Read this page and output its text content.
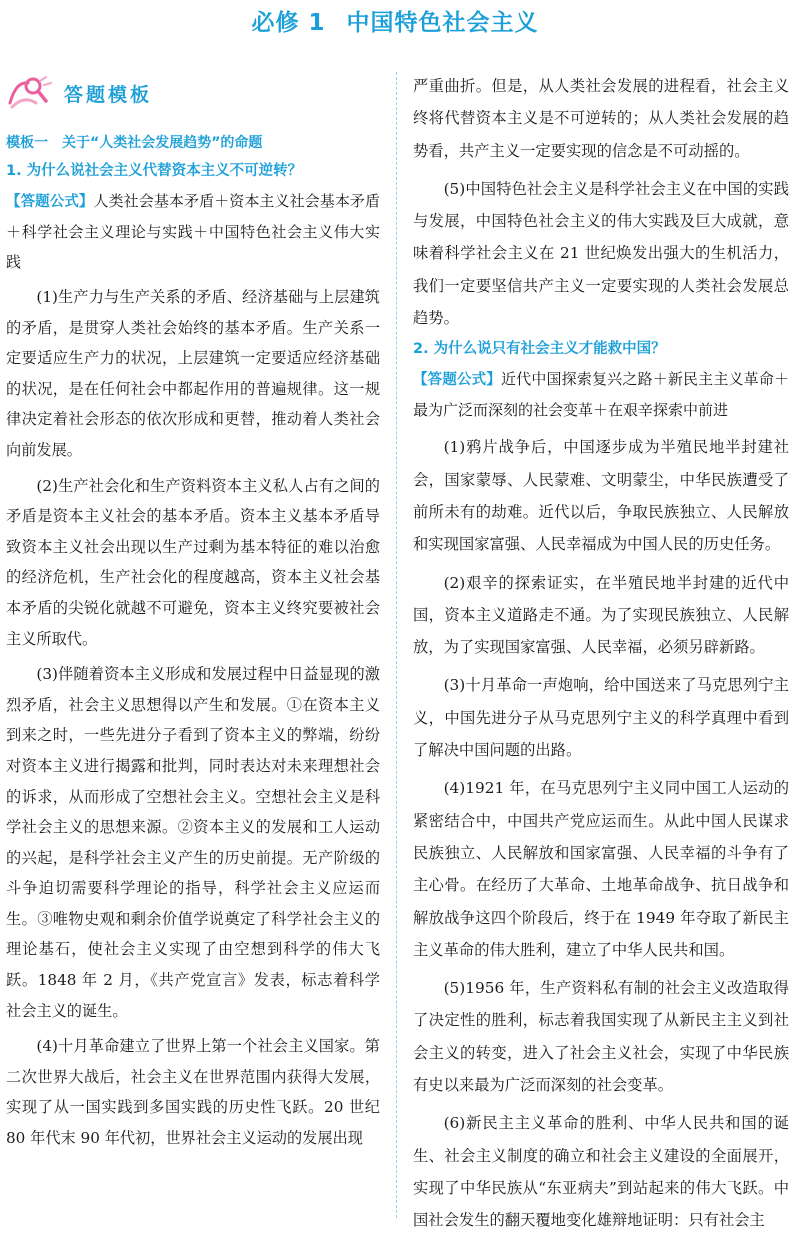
必修 1 中国特色社会主义
答题模板
模板一　关于“人类社会发展趋势”的命题
1. 为什么说社会主义代替资本主义不可逆转？
【答题公式】人类社会基本矛盾＋资本主义社会基本矛盾＋科学社会主义理论与实践＋中国特色社会主义伟大实践

(1)生产力与生产关系的矛盾、经济基础与上层建筑的矛盾，是贯穿人类社会始终的基本矛盾。生产关系一定要适应生产力的状况，上层建筑一定要适应经济基础的状况，是在任何社会中都起作用的普遍规律。这一规律决定着社会形态的依次形成和更替，推动着人类社会向前发展。

(2)生产社会化和生产资料资本主义私人占有之间的矛盾是资本主义社会的基本矛盾。资本主义基本矛盾导致资本主义社会出现以生产过剩为基本特征的难以治愈的经济危机，生产社会化的程度越高，资本主义社会基本矛盾的尖锐化就越不可避免，资本主义终究要被社会主义所取代。

(3)伴随着资本主义形成和发展过程中日益显现的激烈矛盾，社会主义思想得以产生和发展。①在资本主义到来之时，一些先进分子看到了资本主义的弊端，纷纷对资本主义进行揭露和批判，同时表达对未来理想社会的诉求，从而形成了空想社会主义。空想社会主义是科学社会主义的思想来源。②资本主义的发展和工人运动的兴起，是科学社会主义产生的历史前提。无产阶级的斗争迫切需要科学理论的指导，科学社会主义应运而生。③唯物史观和剩余价值学说奠定了科学社会主义的理论基石，使社会主义实现了由空想到科学的伟大飞跃。1848 年 2 月，《共产党宣言》发表，标志着科学社会主义的诞生。

(4)十月革命建立了世界上第一个社会主义国家。第二次世界大战后，社会主义在世界范围内获得大发展，实现了从一国实践到多国实践的历史性飞跃。20 世纪 80 年代末 90 年代初，世界社会主义运动的发展出现

严重曲折。但是，从人类社会发展的进程看，社会主义终将代替资本主义是不可逆转的；从人类社会发展的趋势看，共产主义一定要实现的信念是不可动摇的。

(5)中国特色社会主义是科学社会主义在中国的实践与发展，中国特色社会主义的伟大实践及巨大成就，意味着科学社会主义在 21 世纪焕发出强大的生机活力，我们一定要坚信共产主义一定要实现的人类社会发展总趋势。

2. 为什么说只有社会主义才能救中国？
【答题公式】近代中国探索复兴之路＋新民主主义革命＋最为广泛而深刻的社会变革＋在艰辛探索中前进

(1)鸦片战争后，中国逐步成为半殖民地半封建社会，国家蒙辱、人民蒙难、文明蒙尘，中华民族遭受了前所未有的劫难。近代以后，争取民族独立、人民解放和实现国家富强、人民幸福成为中国人民的历史任务。

(2)艰辛的探索证实，在半殖民地半封建的近代中国，资本主义道路走不通。为了实现民族独立、人民解放，为了实现国家富强、人民幸福，必须另辟新路。

(3)十月革命一声炮响，给中国送来了马克思列宁主义，中国先进分子从马克思列宁主义的科学真理中看到了解决中国问题的出路。

(4)1921 年，在马克思列宁主义同中国工人运动的紧密结合中，中国共产党应运而生。从此中国人民谋求民族独立、人民解放和国家富强、人民幸福的斗争有了主心骨。在经历了大革命、土地革命战争、抗日战争和解放战争这四个阶段后，终于在 1949 年夺取了新民主主义革命的伟大胜利，建立了中华人民共和国。

(5)1956 年，生产资料私有制的社会主义改造取得了决定性的胜利，标志着我国实现了从新民主主义到社会主义的转变，进入了社会主义社会，实现了中华民族有史以来最为广泛而深刻的社会变革。

(6)新民主主义革命的胜利、中华人民共和国的诞生、社会主义制度的确立和社会主义建设的全面展开，实现了中华民族从“东亚病夫”到站起来的伟大飞跃。中国社会发生的翻天覆地变化雄辩地证明：只有社会主
